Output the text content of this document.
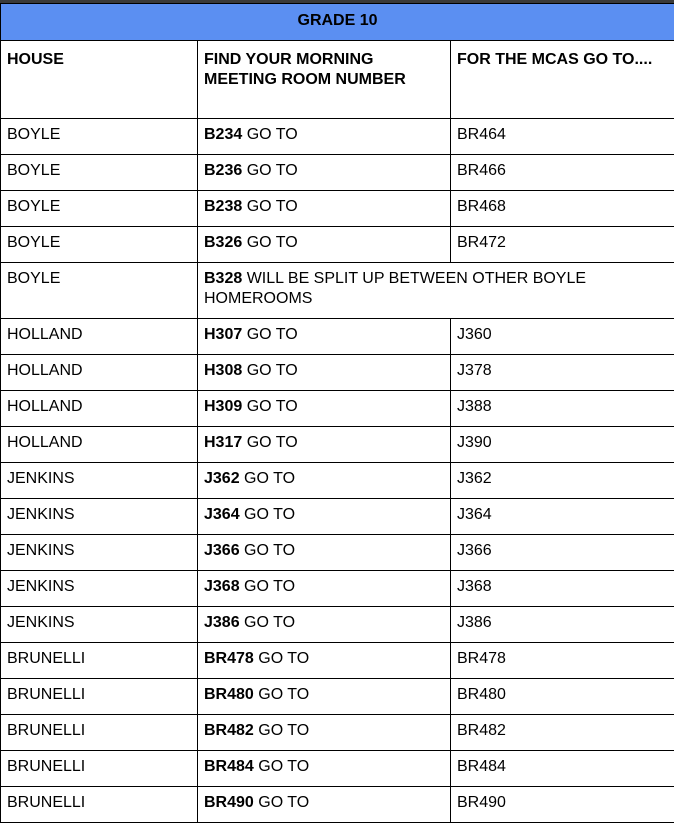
GRADE 10		
HOUSE	FIND YOUR MORNING MEETING ROOM NUMBER	FOR THE MCAS GO TO....
BOYLE	B234 GO TO	BR464
BOYLE	B236 GO TO	BR466
BOYLE	B238 GO TO	BR468
BOYLE	B326 GO TO	BR472
BOYLE	B328 WILL BE SPLIT UP BETWEEN OTHER BOYLE HOMEROOMS	
HOLLAND	H307 GO TO	J360
HOLLAND	H308 GO TO	J378
HOLLAND	H309 GO TO	J388
HOLLAND	H317 GO TO	J390
JENKINS	J362 GO TO	J362
JENKINS	J364 GO TO	J364
JENKINS	J366 GO TO	J366
JENKINS	J368 GO TO	J368
JENKINS	J386 GO TO	J386
BRUNELLI	BR478 GO TO	BR478
BRUNELLI	BR480 GO TO	BR480
BRUNELLI	BR482 GO TO	BR482
BRUNELLI	BR484 GO TO	BR484
BRUNELLI	BR490 GO TO	BR490
